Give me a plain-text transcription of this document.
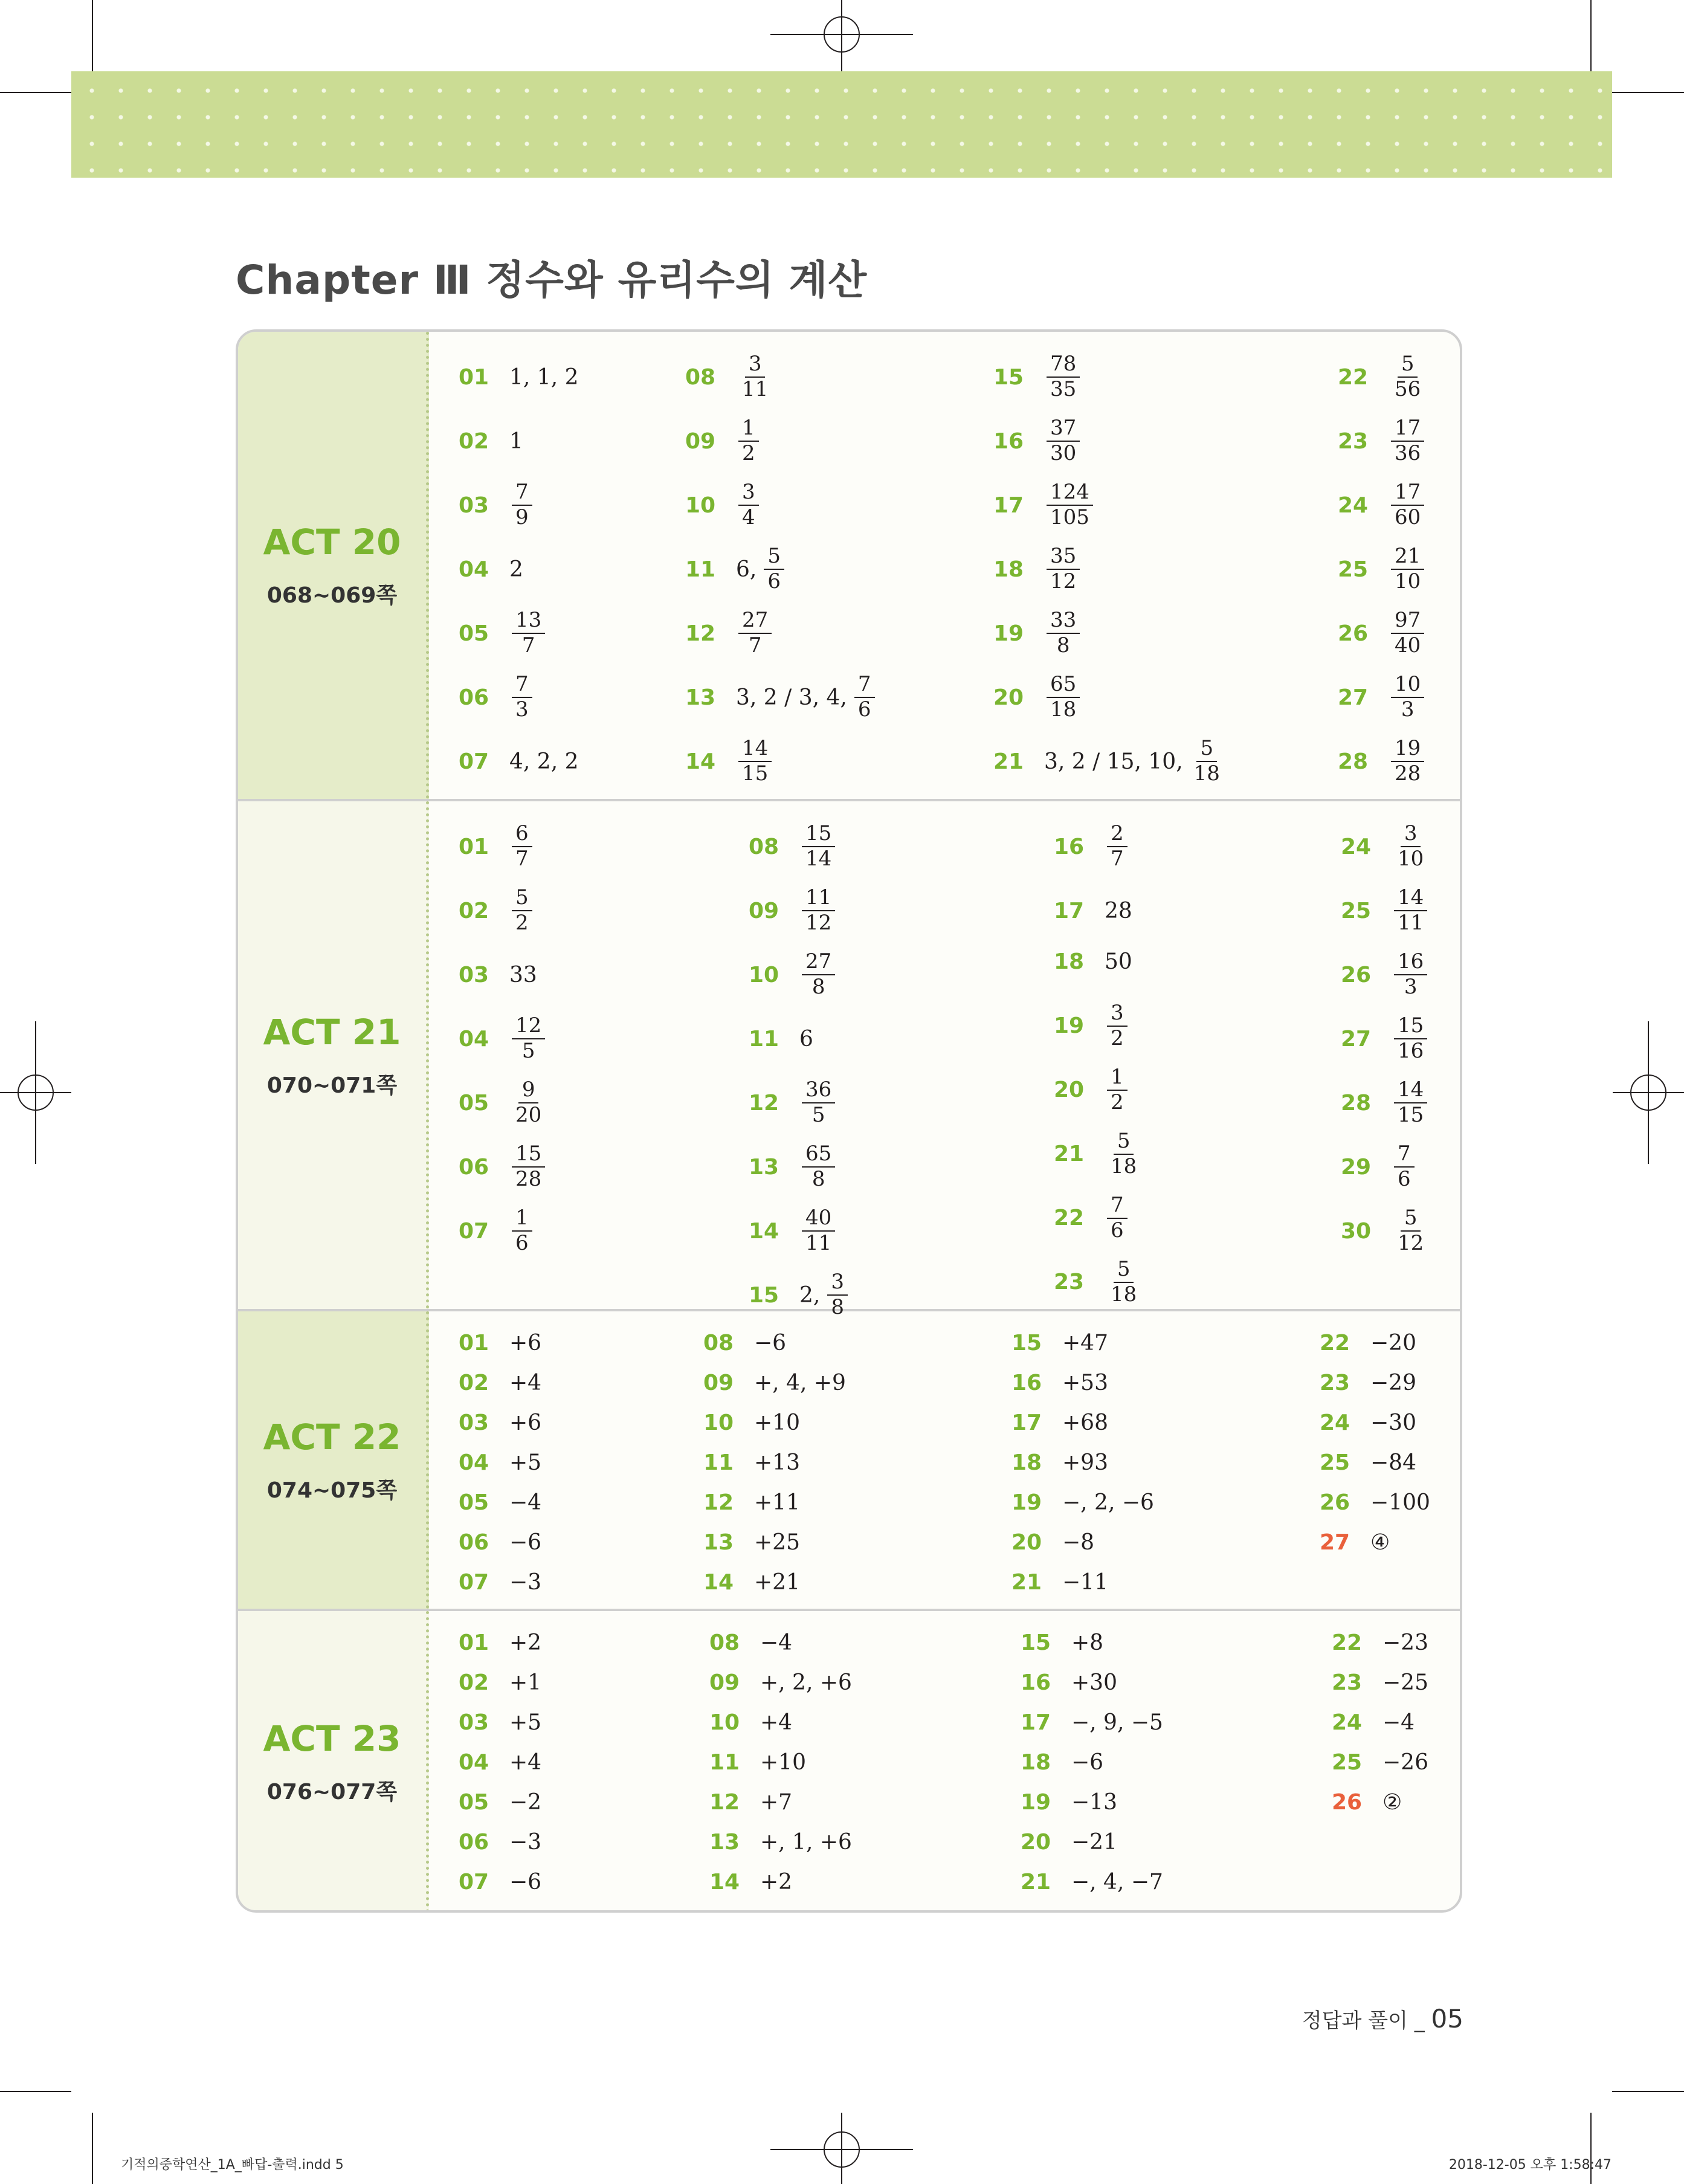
Chapter Ⅲ 정수와 유리수의 계산
ACT 20
068~069쪽
01 1, 1, 2
02 1
03	$\frac{7}{9}$
04 2
05	$\frac{13}{7}$
06	$\frac{7}{3}$
07 4, 2, 2
08	$\frac{3}{11}$
09	$\frac{1}{2}$
10	$\frac{3}{4}$
11 6, $\frac{5}{6}$
12	$\frac{27}{7}$
13 3, 2 / 3, 4, $\frac{7}{6}$
14	$\frac{14}{15}$
15	$\frac{78}{35}$
16	$\frac{37}{30}$
17	$\frac{124}{105}$
18	$\frac{35}{12}$
19	$\frac{33}{8}$
20	$\frac{65}{18}$
21 3, 2 / 15, 10, $\frac{5}{18}$
22	$\frac{5}{56}$
23	$\frac{17}{36}$
24	$\frac{17}{60}$
25	$\frac{21}{10}$
26	$\frac{97}{40}$
27	$\frac{10}{3}$
28	$\frac{19}{28}$
ACT 21
070~071쪽
01	$\frac{6}{7}$
02	$\frac{5}{2}$
03 33
04	$\frac{12}{5}$
05	$\frac{9}{20}$
06	$\frac{15}{28}$
07	$\frac{1}{6}$
08	$\frac{15}{14}$
09	$\frac{11}{12}$
10	$\frac{27}{8}$
11 6
12	$\frac{36}{5}$
13	$\frac{65}{8}$
14	$\frac{40}{11}$
15 2, $\frac{3}{8}$
16	$\frac{2}{7}$
17 28
18 50
19	$\frac{3}{2}$
20	$\frac{1}{2}$
21	$\frac{5}{18}$
22	$\frac{7}{6}$
23	$\frac{5}{18}$
24	$\frac{3}{10}$
25	$\frac{14}{11}$
26	$\frac{16}{3}$
27	$\frac{15}{16}$
28	$\frac{14}{15}$
29	$\frac{7}{6}$
30	$\frac{5}{12}$
ACT 22
074~075쪽
01 +6
02 +4
03 +6
04 +5
05 −4
06 −6
07 −3
08 −6
09 +, 4, +9
10 +10
11 +13
12 +11
13 +25
14 +21
15 +47
16 +53
17 +68
18 +93
19 −, 2, −6
20 −8
21 −11
22 −20
23 −29
24 −30
25 −84
26 −100
27 ④
ACT 23
076~077쪽
01 +2
02 +1
03 +5
04 +4
05 −2
06 −3
07 −6
08 −4
09 +, 2, +6
10 +4
11 +10
12 +7
13 +, 1, +6
14 +2
15 +8
16 +30
17 −, 9, −5
18 −6
19 −13
20 −21
21 −, 4, −7
22 −23
23 −25
24 −4
25 −26
26 ②
정답과 풀이 _ 05
기적의중학연산_1A_빠답-출력.indd 5	2018-12-05 오후 1:58:47
